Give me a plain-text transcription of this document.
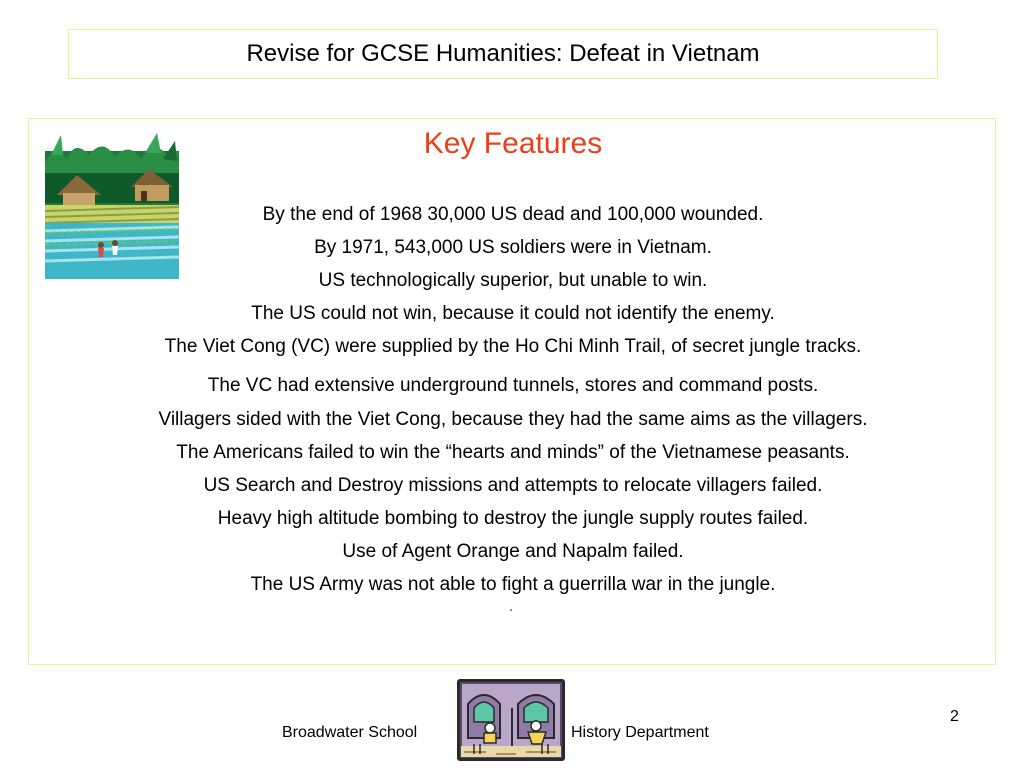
Revise for GCSE Humanities: Defeat in Vietnam
Key Features
By the end of 1968 30,000 US dead and 100,000 wounded.
By 1971, 543,000 US soldiers were in Vietnam.
US technologically superior, but unable to win.
The US could not win, because it could not identify the enemy.
The Viet Cong (VC) were supplied by the Ho Chi Minh Trail, of secret jungle tracks.
The VC had extensive underground tunnels, stores and command posts.
Villagers sided with the Viet Cong, because they had the same aims as the villagers.
The Americans failed to win the “hearts and minds” of the Vietnamese peasants.
US Search and Destroy missions and attempts to relocate villagers failed.
Heavy high altitude bombing to destroy the jungle supply routes failed.
Use of Agent Orange and Napalm failed.
The US Army was not able to fight a guerrilla war in the jungle.
Broadwater School	History Department
2
